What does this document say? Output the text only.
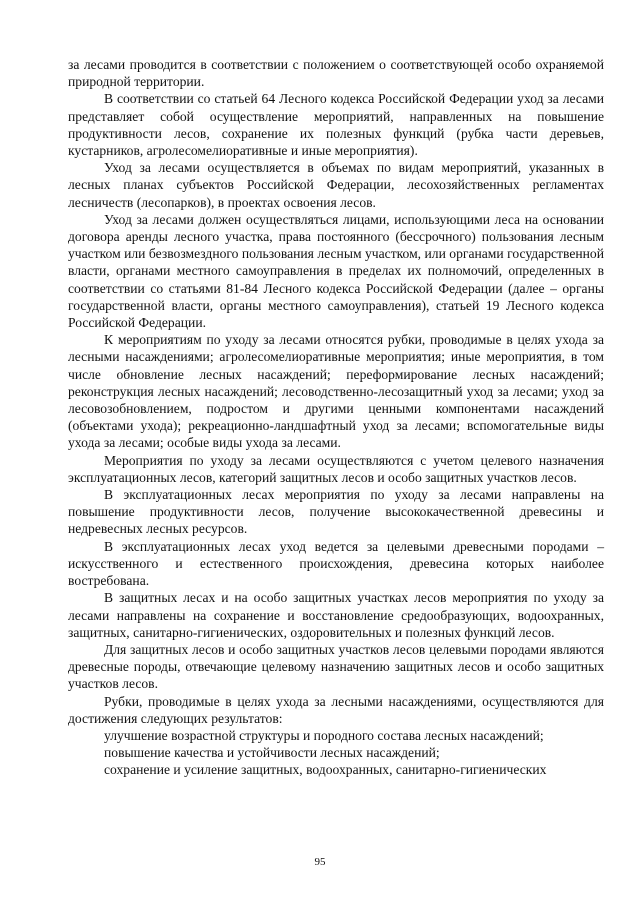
за лесами проводится в соответствии с положением о соответствующей особо охраняемой природной территории.

В соответствии со статьей 64 Лесного кодекса Российской Федерации уход за лесами представляет собой осуществление мероприятий, направленных на повышение продуктивности лесов, сохранение их полезных функций (рубка части деревьев, кустарников, агролесомелиоративные и иные мероприятия).

Уход за лесами осуществляется в объемах по видам мероприятий, указанных в лесных планах субъектов Российской Федерации, лесохозяйственных регламентах лесничеств (лесопарков), в проектах освоения лесов.

Уход за лесами должен осуществляться лицами, использующими леса на основании договора аренды лесного участка, права постоянного (бессрочного) пользования лесным участком или безвозмездного пользования лесным участком, или органами государственной власти, органами местного самоуправления в пределах их полномочий, определенных в соответствии со статьями 81-84 Лесного кодекса Российской Федерации (далее – органы государственной власти, органы местного самоуправления), статьей 19 Лесного кодекса Российской Федерации.

К мероприятиям по уходу за лесами относятся рубки, проводимые в целях ухода за лесными насаждениями; агролесомелиоративные мероприятия; иные мероприятия, в том числе обновление лесных насаждений; переформирование лесных насаждений; реконструкция лесных насаждений; лесоводственно-лесозащитный уход за лесами; уход за лесовозобновлением, подростом и другими ценными компонентами насаждений (объектами ухода); рекреационно-ландшафтный уход за лесами; вспомогательные виды ухода за лесами; особые виды ухода за лесами.

Мероприятия по уходу за лесами осуществляются с учетом целевого назначения эксплуатационных лесов, категорий защитных лесов и особо защитных участков лесов.

В эксплуатационных лесах мероприятия по уходу за лесами направлены на повышение продуктивности лесов, получение высококачественной древесины и недревесных лесных ресурсов.

В эксплуатационных лесах уход ведется за целевыми древесными породами – искусственного и естественного происхождения, древесина которых наиболее востребована.

В защитных лесах и на особо защитных участках лесов мероприятия по уходу за лесами направлены на сохранение и восстановление средообразующих, водоохранных, защитных, санитарно-гигиенических, оздоровительных и полезных функций лесов.

Для защитных лесов и особо защитных участков лесов целевыми породами являются древесные породы, отвечающие целевому назначению защитных лесов и особо защитных участков лесов.

Рубки, проводимые в целях ухода за лесными насаждениями, осуществляются для достижения следующих результатов:

улучшение возрастной структуры и породного состава лесных насаждений;

повышение качества и устойчивости лесных насаждений;

сохранение и усиление защитных, водоохранных, санитарно-гигиенических

95
